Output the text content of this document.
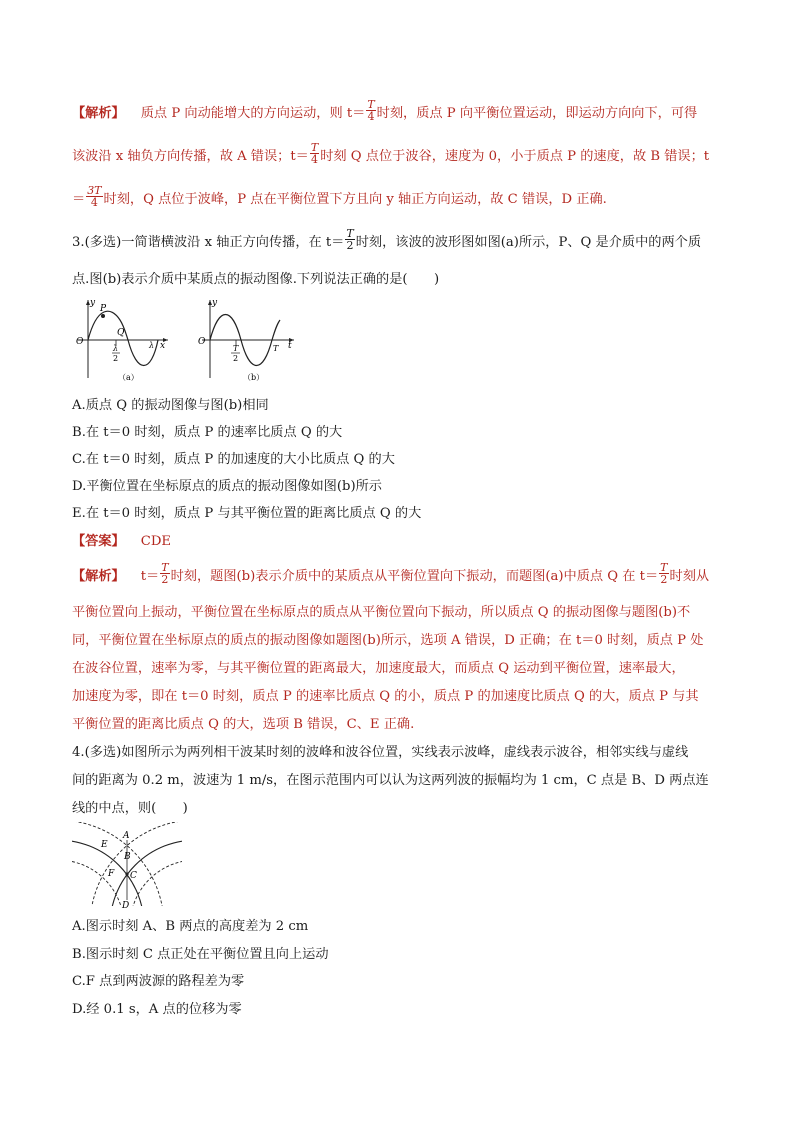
【解析】 质点 P 向动能增大的方向运动，则 $t= \frac{T}{4}$ 时刻，质点 P 向平衡位置运动，即运动方向向下，可得
该波沿 x 轴负方向传播，故 A 错误；$t= \frac{T}{4}$ 时刻 Q 点位于波谷，速度为 0，小于质点 P 的速度，故 B 错误；t
＝ $\frac{3T}{4}$ 时刻，Q 点位于波峰，P 点在平衡位置下方且向 y 轴正方向运动，故 C 错误，D 正确.
3.(多选)一简谐横波沿 x 轴正方向传播，在 $t= \frac{T}{2}$ 时刻，该波的波形图如图(a)所示，P、Q 是介质中的两个质
点.图(b)表示介质中某质点的振动图像.下列说法正确的是(　　)
y
P
Q
O
λ
2
λ x
（a）
y
O
T
2
T t
（b）
A.质点 Q 的振动图像与图(b)相同
B.在 t＝0 时刻，质点 P 的速率比质点 Q 的大
C.在 t＝0 时刻，质点 P 的加速度的大小比质点 Q 的大
D.平衡位置在坐标原点的质点的振动图像如图(b)所示
E.在 t＝0 时刻，质点 P 与其平衡位置的距离比质点 Q 的大
【答案】 CDE
【解析】 $t= \frac{T}{2}$ 时刻，题图(b)表示介质中的某质点从平衡位置向下振动，而题图(a)中质点 Q 在 $t= \frac{T}{2}$ 时刻从
平衡位置向上振动，平衡位置在坐标原点的质点从平衡位置向下振动，所以质点 Q 的振动图像与题图(b)不
同，平衡位置在坐标原点的质点的振动图像如题图(b)所示，选项 A 错误，D 正确；在 t＝0 时刻，质点 P 处
在波谷位置，速率为零，与其平衡位置的距离最大，加速度最大，而质点 Q 运动到平衡位置，速率最大，
加速度为零，即在 t＝0 时刻，质点 P 的速率比质点 Q 的小，质点 P 的加速度比质点 Q 的大，质点 P 与其
平衡位置的距离比质点 Q 的大，选项 B 错误，C、E 正确.
4.(多选)如图所示为两列相干波某时刻的波峰和波谷位置，实线表示波峰，虚线表示波谷，相邻实线与虚线
间的距离为 0.2 m，波速为 1 m/s，在图示范围内可以认为这两列波的振幅均为 1 cm，C 点是 B、D 两点连
线的中点，则(　　)
A
B
C
D
E
F
A.图示时刻 A、B 两点的高度差为 2 cm
B.图示时刻 C 点正处在平衡位置且向上运动
C.F 点到两波源的路程差为零
D.经 0.1 s，A 点的位移为零
